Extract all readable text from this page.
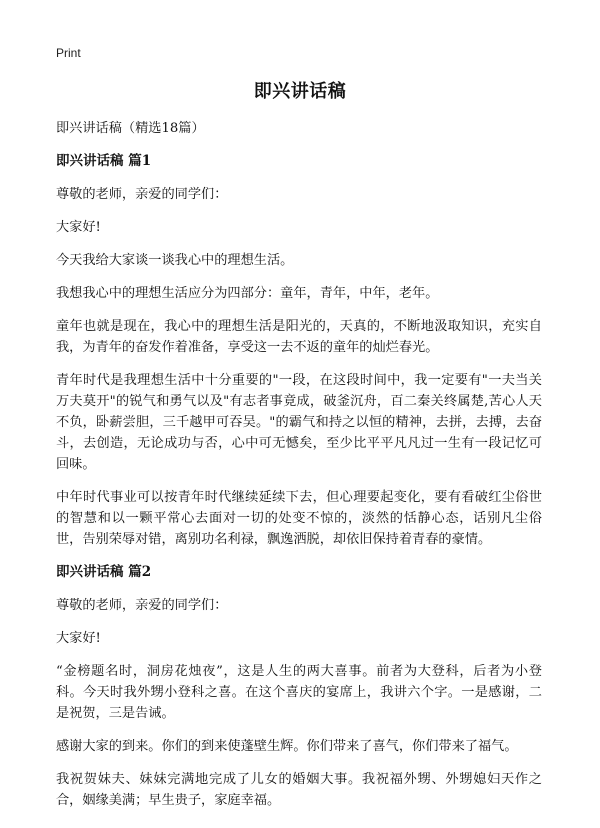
Print
即兴讲话稿

即兴讲话稿（精选18篇）

即兴讲话稿 篇1

尊敬的老师，亲爱的同学们：

大家好!

今天我给大家谈一谈我心中的理想生活。

我想我心中的理想生活应分为四部分：童年，青年，中年，老年。

童年也就是现在，我心中的理想生活是阳光的，天真的，不断地汲取知识，充实自我，为青年的奋发作着准备，享受这一去不返的童年的灿烂春光。

青年时代是我理想生活中十分重要的"一段，在这段时间中，我一定要有"一夫当关万夫莫开"的锐气和勇气以及"有志者事竟成，破釜沉舟，百二秦关终属楚,苦心人天不负，卧薪尝胆，三千越甲可吞吴。"的霸气和持之以恒的精神，去拼，去搏，去奋斗，去创造，无论成功与否，心中可无憾矣，至少比平平凡凡过一生有一段记忆可回味。

中年时代事业可以按青年时代继续延续下去，但心理要起变化，要有看破红尘俗世的智慧和以一颗平常心去面对一切的处变不惊的，淡然的恬静心态，话别凡尘俗世，告别荣辱对错，离别功名利禄，飘逸洒脱，却依旧保持着青春的豪情。

即兴讲话稿 篇2

尊敬的老师，亲爱的同学们：

大家好!

“金榜题名时，洞房花烛夜”，这是人生的两大喜事。前者为大登科，后者为小登科。今天时我外甥小登科之喜。在这个喜庆的宴席上，我讲六个字。一是感谢，二是祝贺，三是告诫。

感谢大家的到来。你们的到来使蓬壁生辉。你们带来了喜气，你们带来了福气。

我祝贺妹夫、妹妹完满地完成了儿女的婚姻大事。我祝福外甥、外甥媳妇天作之合，姻缘美满；早生贵子，家庭幸福。
